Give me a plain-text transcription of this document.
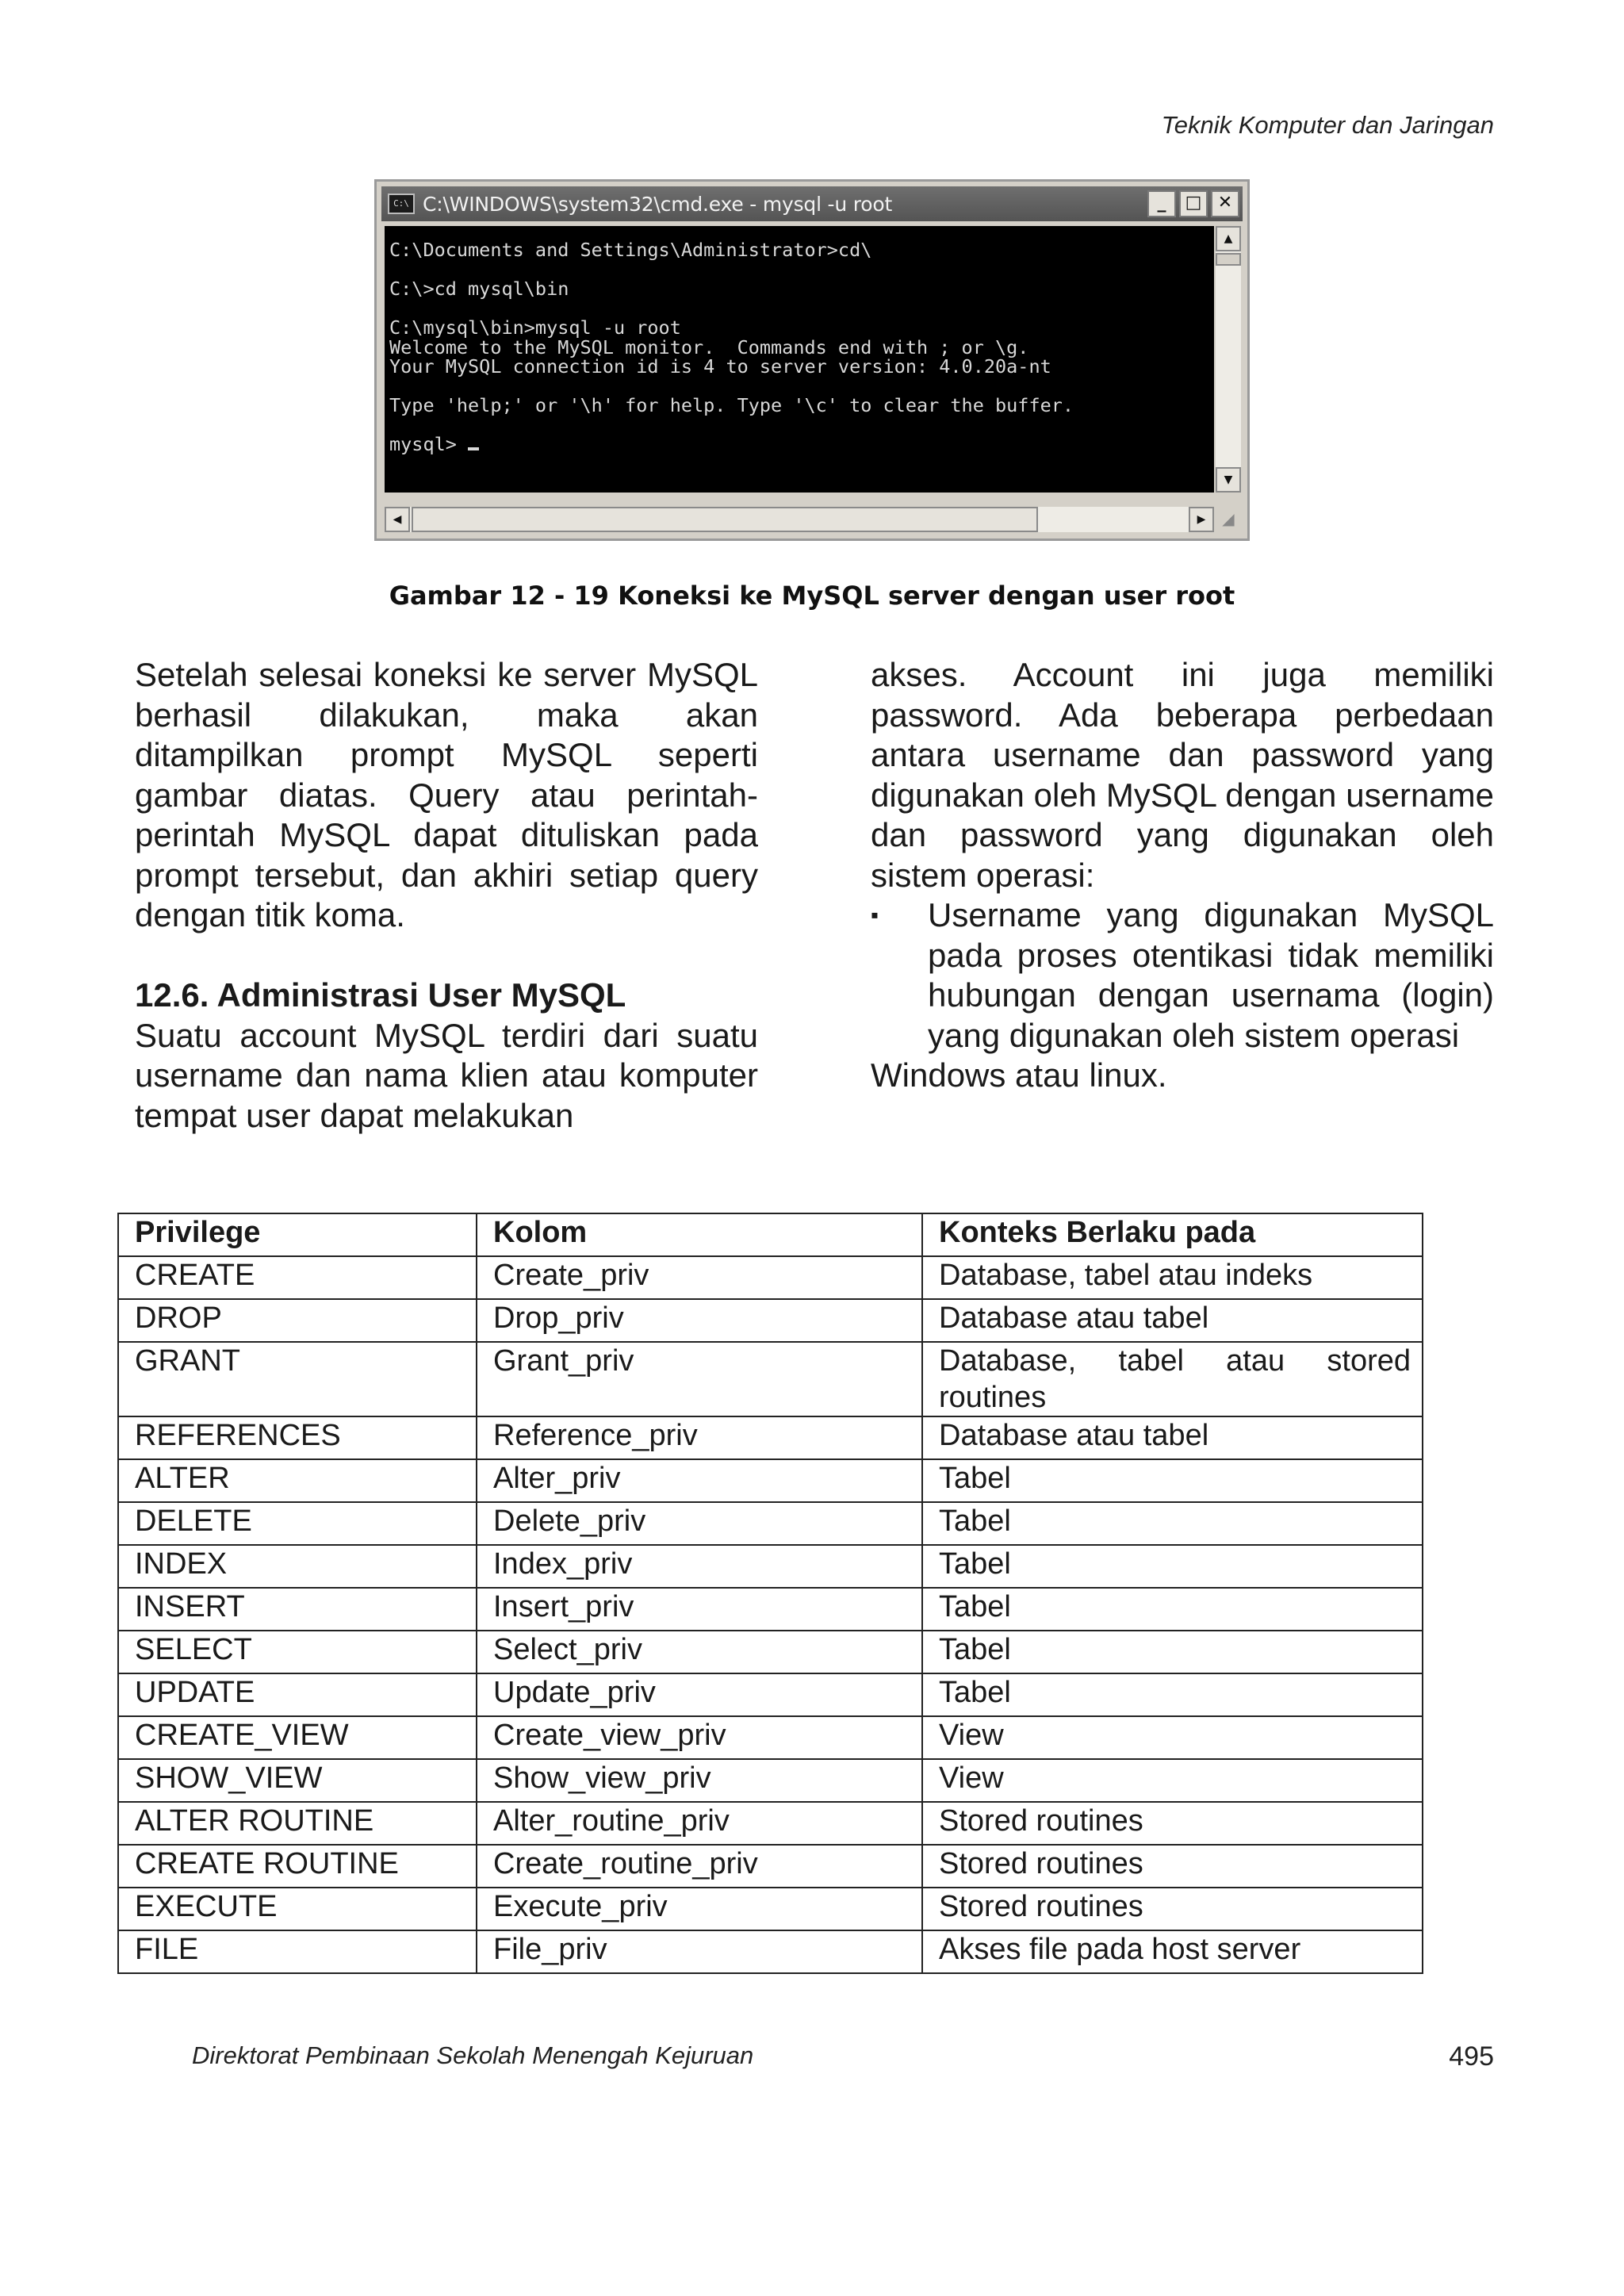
Teknik Komputer dan Jaringan
C:\ C:\WINDOWS\system32\cmd.exe - mysql -u root	_	□ ✕
C:\Documents and Settings\Administrator>cd\
C:\>cd mysql\bin
C:\mysql\bin>mysql -u root
Welcome to the MySQL monitor.  Commands end with ; or \g.
Your MySQL connection id is 4 to server version: 4.0.20a-nt
Type 'help;' or '\h' for help. Type '\c' to clear the buffer.
mysql>
▲
▼
◀	▶	◢
Gambar 12 - 19 Koneksi ke MySQL server dengan user root

Setelah selesai koneksi ke server MySQL berhasil dilakukan, maka akan ditampilkan prompt MySQL seperti gambar diatas. Query atau perintah-perintah MySQL dapat dituliskan pada prompt tersebut, dan akhiri setiap query dengan titik koma.

12.6. Administrasi User MySQL

Suatu account MySQL terdiri dari suatu username dan nama klien atau komputer tempat user dapat melakukan

akses. Account ini juga memiliki password. Ada beberapa perbedaan antara username dan password yang digunakan oleh MySQL dengan username dan password yang digunakan oleh sistem operasi:

▪	Username yang digunakan MySQL pada proses otentikasi tidak memiliki hubungan dengan usernama (login) yang digunakan oleh sistem operasi

Windows atau linux.

Privilege	Kolom	Konteks Berlaku pada
CREATE	Create_priv	Database, tabel atau indeks
DROP	Drop_priv	Database atau tabel
GRANT	Grant_priv	Database, tabel atau stored routines
REFERENCES	Reference_priv	Database atau tabel
ALTER	Alter_priv	Tabel
DELETE	Delete_priv	Tabel
INDEX	Index_priv	Tabel
INSERT	Insert_priv	Tabel
SELECT	Select_priv	Tabel
UPDATE	Update_priv	Tabel
CREATE_VIEW	Create_view_priv	View
SHOW_VIEW	Show_view_priv	View
ALTER ROUTINE	Alter_routine_priv	Stored routines
CREATE ROUTINE	Create_routine_priv	Stored routines
EXECUTE	Execute_priv	Stored routines
FILE	File_priv	Akses file pada host server
Direktorat Pembinaan Sekolah Menengah Kejuruan	495
